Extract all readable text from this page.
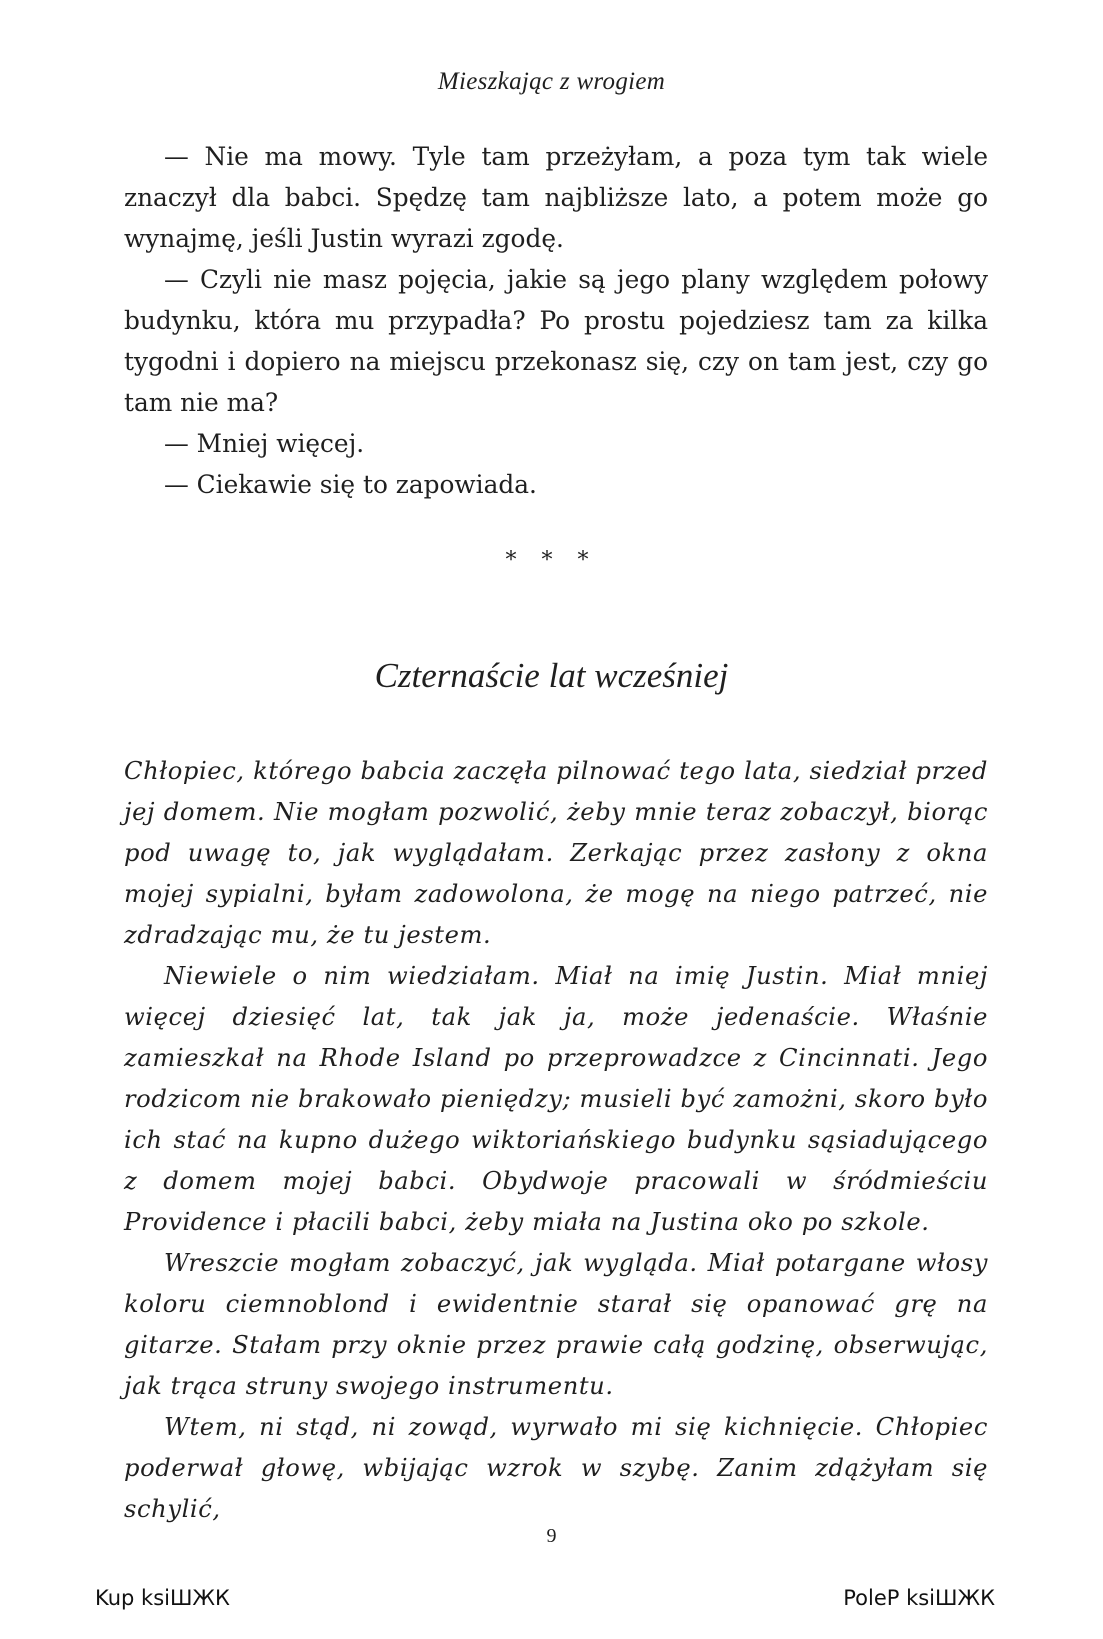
Mieszkając z wrogiem

— Nie ma mowy. Tyle tam przeżyłam, a poza tym tak wiele znaczył dla babci. Spędzę tam najbliższe lato, a potem może go wynajmę, jeśli Justin wyrazi zgodę.

— Czyli nie masz pojęcia, jakie są jego plany względem połowy budynku, która mu przypadła? Po prostu pojedziesz tam za kilka tygodni i dopiero na miejscu przekonasz się, czy on tam jest, czy go tam nie ma?

— Mniej więcej.

— Ciekawie się to zapowiada.

* * *
Czternaście lat wcześniej

Chłopiec, którego babcia zaczęła pilnować tego lata, siedział przed jej domem. Nie mogłam pozwolić, żeby mnie teraz zobaczył, biorąc pod uwagę to, jak wyglądałam. Zerkając przez zasłony z okna mojej sypialni, byłam zadowolona, że mogę na niego patrzeć, nie zdradzając mu, że tu jestem.

Niewiele o nim wiedziałam. Miał na imię Justin. Miał mniej więcej dziesięć lat, tak jak ja, może jedenaście. Właśnie zamieszkał na Rhode Island po przeprowadzce z Cincinnati. Jego rodzicom nie brakowało pieniędzy; musieli być zamożni, skoro było ich stać na kupno dużego wiktoriańskiego budynku sąsiadującego z domem mojej babci. Obydwoje pracowali w śródmieściu Providence i płacili babci, żeby miała na Justina oko po szkole.

Wreszcie mogłam zobaczyć, jak wygląda. Miał potargane włosy koloru ciemnoblond i ewidentnie starał się opanować grę na gitarze. Stałam przy oknie przez prawie całą godzinę, obserwując, jak trąca struny swojego instrumentu.

Wtem, ni stąd, ni zowąd, wyrwało mi się kichnięcie. Chłopiec poderwał głowę, wbijając wzrok w szybę. Zanim zdążyłam się schylić,

9
Kup ksiШЖК	PoleР ksiШЖК
